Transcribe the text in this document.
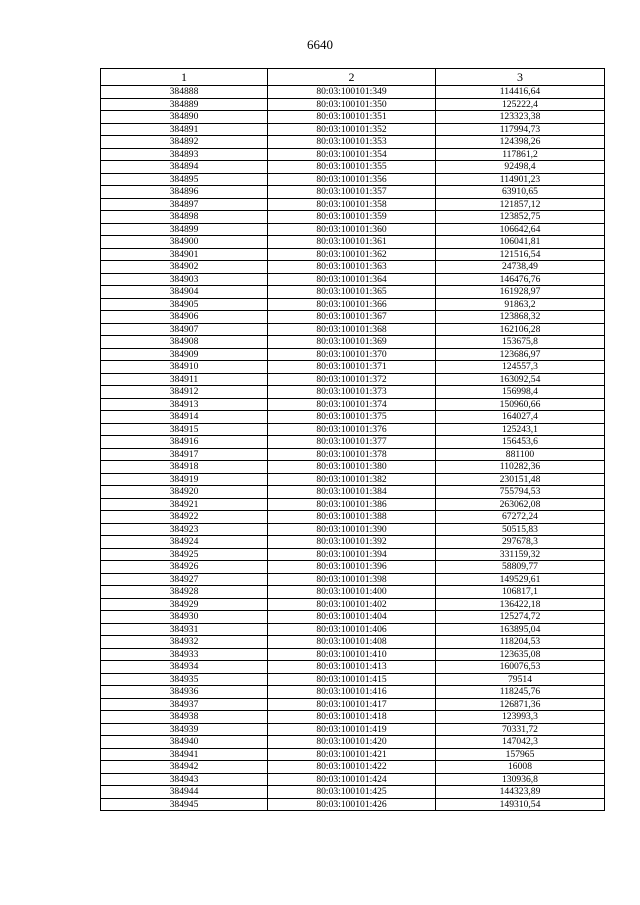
6640
1	2	3
384888	80:03:100101:349	114416,64
384889	80:03:100101:350	125222,4
384890	80:03:100101:351	123323,38
384891	80:03:100101:352	117994,73
384892	80:03:100101:353	124398,26
384893	80:03:100101:354	117861,2
384894	80:03:100101:355	92498,4
384895	80:03:100101:356	114901,23
384896	80:03:100101:357	63910,65
384897	80:03:100101:358	121857,12
384898	80:03:100101:359	123852,75
384899	80:03:100101:360	106642,64
384900	80:03:100101:361	106041,81
384901	80:03:100101:362	121516,54
384902	80:03:100101:363	24738,49
384903	80:03:100101:364	146476,76
384904	80:03:100101:365	161928,97
384905	80:03:100101:366	91863,2
384906	80:03:100101:367	123868,32
384907	80:03:100101:368	162106,28
384908	80:03:100101:369	153675,8
384909	80:03:100101:370	123686,97
384910	80:03:100101:371	124557,3
384911	80:03:100101:372	163092,54
384912	80:03:100101:373	156998,4
384913	80:03:100101:374	150960,66
384914	80:03:100101:375	164027,4
384915	80:03:100101:376	125243,1
384916	80:03:100101:377	156453,6
384917	80:03:100101:378	881100
384918	80:03:100101:380	110282,36
384919	80:03:100101:382	230151,48
384920	80:03:100101:384	755794,53
384921	80:03:100101:386	263062,08
384922	80:03:100101:388	67272,24
384923	80:03:100101:390	50515,83
384924	80:03:100101:392	297678,3
384925	80:03:100101:394	331159,32
384926	80:03:100101:396	58809,77
384927	80:03:100101:398	149529,61
384928	80:03:100101:400	106817,1
384929	80:03:100101:402	136422,18
384930	80:03:100101:404	125274,72
384931	80:03:100101:406	163895,04
384932	80:03:100101:408	118204,53
384933	80:03:100101:410	123635,08
384934	80:03:100101:413	160076,53
384935	80:03:100101:415	79514
384936	80:03:100101:416	118245,76
384937	80:03:100101:417	126871,36
384938	80:03:100101:418	123993,3
384939	80:03:100101:419	70331,72
384940	80:03:100101:420	147042,3
384941	80:03:100101:421	157965
384942	80:03:100101:422	16008
384943	80:03:100101:424	130936,8
384944	80:03:100101:425	144323,89
384945	80:03:100101:426	149310,54
